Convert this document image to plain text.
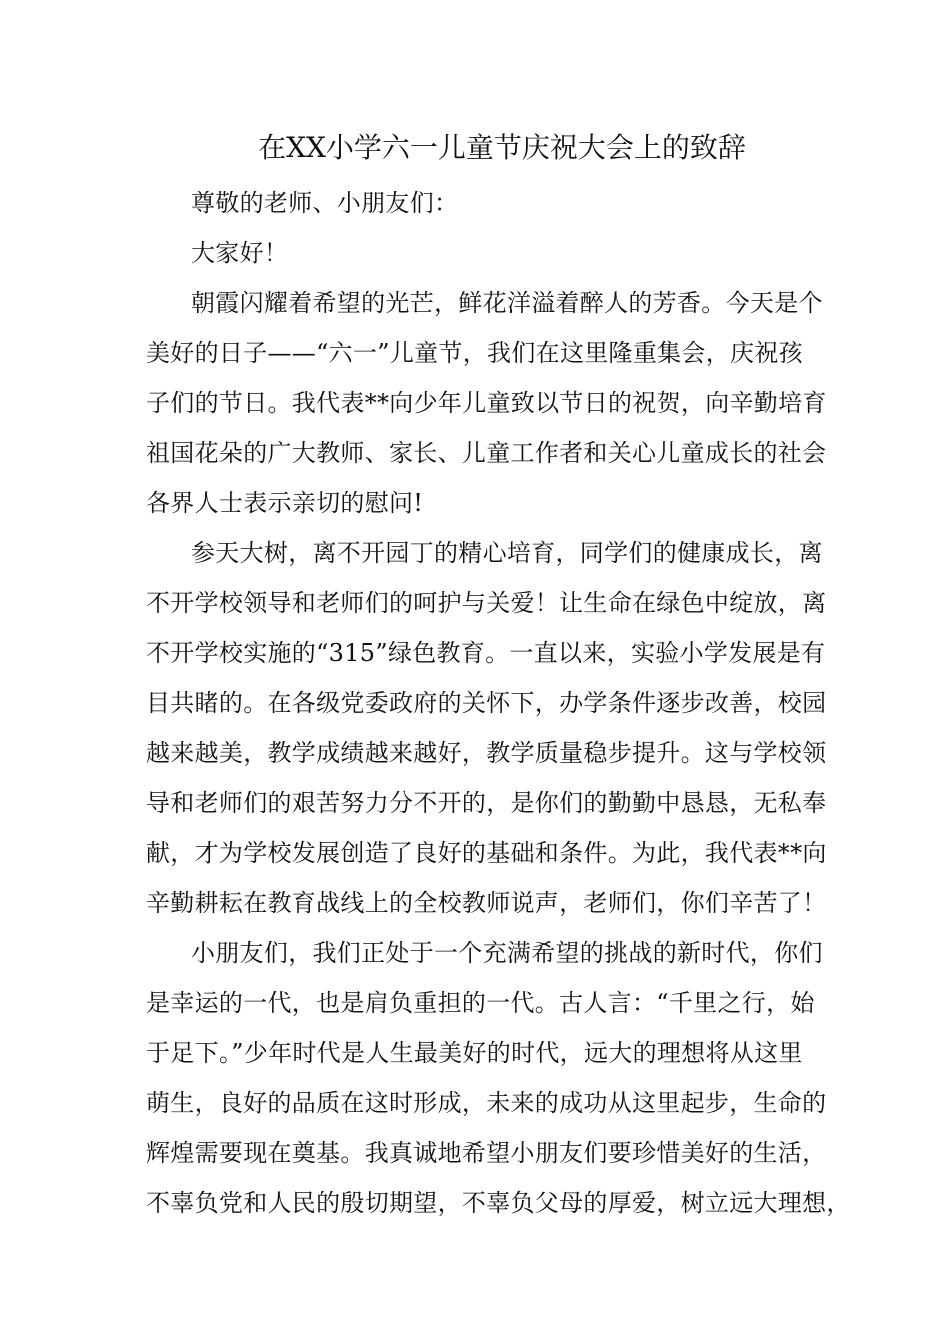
在XX小学六一儿童节庆祝大会上的致辞
尊敬的老师、小朋友们：
大家好！
朝霞闪耀着希望的光芒，鲜花洋溢着醉人的芳香。今天是个
美好的日子——“六一”儿童节，我们在这里隆重集会，庆祝孩
子们的节日。我代表**向少年儿童致以节日的祝贺，向辛勤培育
祖国花朵的广大教师、家长、儿童工作者和关心儿童成长的社会
各界人士表示亲切的慰问!
参天大树，离不开园丁的精心培育，同学们的健康成长，离
不开学校领导和老师们的呵护与关爱！让生命在绿色中绽放，离
不开学校实施的“315”绿色教育。一直以来，实验小学发展是有
目共睹的。在各级党委政府的关怀下，办学条件逐步改善，校园
越来越美，教学成绩越来越好，教学质量稳步提升。这与学校领
导和老师们的艰苦努力分不开的，是你们的勤勤中恳恳，无私奉
献，才为学校发展创造了良好的基础和条件。为此，我代表**向
辛勤耕耘在教育战线上的全校教师说声，老师们，你们辛苦了！
小朋友们，我们正处于一个充满希望的挑战的新时代，你们
是幸运的一代，也是肩负重担的一代。古人言：“千里之行，始
于足下。”少年时代是人生最美好的时代，远大的理想将从这里
萌生，良好的品质在这时形成，未来的成功从这里起步，生命的
辉煌需要现在奠基。我真诚地希望小朋友们要珍惜美好的生活，
不辜负党和人民的殷切期望，不辜负父母的厚爱，树立远大理想，
